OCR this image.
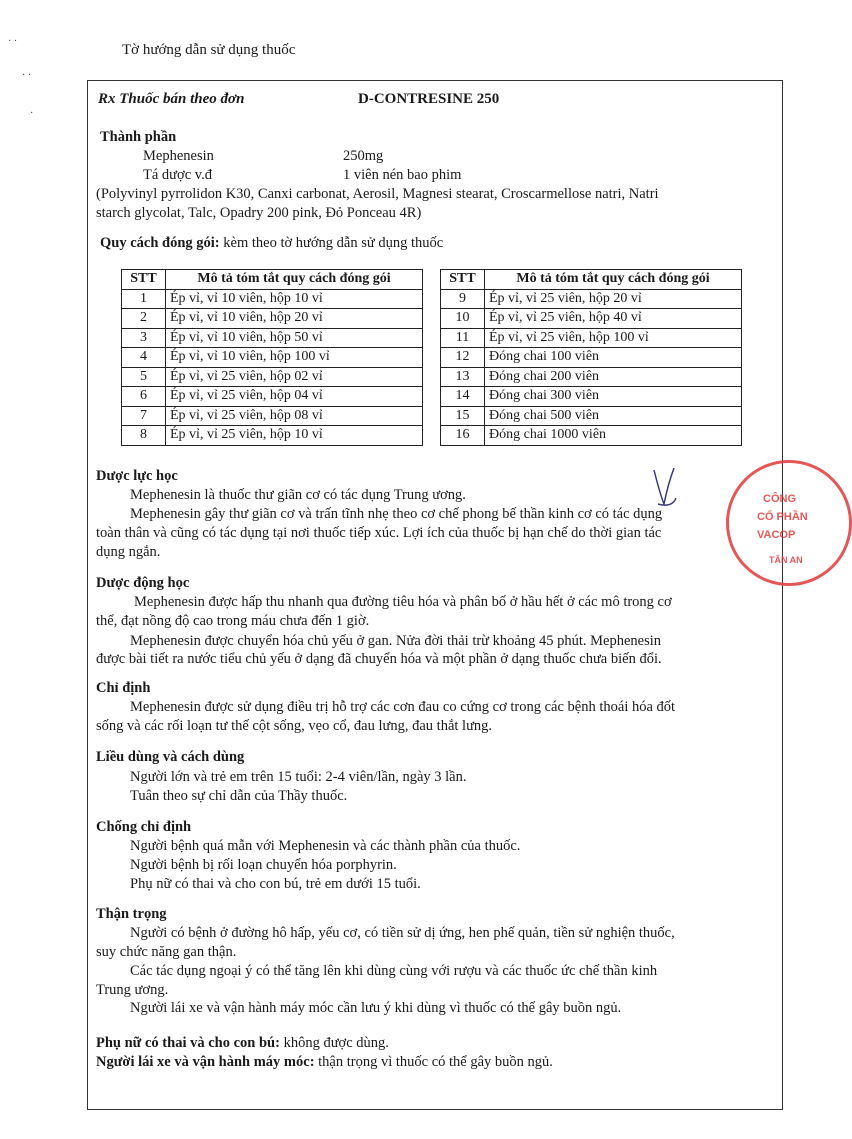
Tờ hướng dẫn sử dụng thuốc
· ·
· ·
·
Rx Thuốc bán theo đơn	D-CONTRESINE 250
Thành phần
Mephenesin	250mg
Tá dược v.đ	1 viên nén bao phim
(Polyvinyl pyrrolidon K30, Canxi carbonat, Aerosil, Magnesi stearat, Croscarmellose natri, Natri
starch glycolat, Talc, Opadry 200 pink, Đỏ Ponceau 4R)
Quy cách đóng gói: kèm theo tờ hướng dẫn sử dụng thuốc
STT	Mô tả tóm tắt quy cách đóng gói
1	Ép vỉ, vỉ 10 viên, hộp 10 vỉ
2	Ép vỉ, vỉ 10 viên, hộp 20 vỉ
3	Ép vỉ, vỉ 10 viên, hộp 50 vỉ
4	Ép vỉ, vỉ 10 viên, hộp 100 vỉ
5	Ép vỉ, vỉ 25 viên, hộp 02 vỉ
6	Ép vỉ, vỉ 25 viên, hộp 04 vỉ
7	Ép vỉ, vỉ 25 viên, hộp 08 vỉ
8	Ép vỉ, vỉ 25 viên, hộp 10 vỉ
STT	Mô tả tóm tắt quy cách đóng gói
9	Ép vỉ, vỉ 25 viên, hộp 20 vỉ
10	Ép vỉ, vỉ 25 viên, hộp 40 vỉ
11	Ép vỉ, vỉ 25 viên, hộp 100 vỉ
12	Đóng chai 100 viên
13	Đóng chai 200 viên
14	Đóng chai 300 viên
15	Đóng chai 500 viên
16	Đóng chai 1000 viên
Dược lực học
Mephenesin là thuốc thư giãn cơ có tác dụng Trung ương.
Mephenesin gây thư giãn cơ và trấn tĩnh nhẹ theo cơ chế phong bế thần kinh cơ có tác dụng
toàn thân và cũng có tác dụng tại nơi thuốc tiếp xúc. Lợi ích của thuốc bị hạn chế do thời gian tác
dụng ngắn.
Dược động học
Mephenesin được hấp thu nhanh qua đường tiêu hóa và phân bố ở hầu hết ở các mô trong cơ
thể, đạt nồng độ cao trong máu chưa đến 1 giờ.
Mephenesin được chuyển hóa chủ yếu ở gan. Nửa đời thải trừ khoảng 45 phút. Mephenesin
được bài tiết ra nước tiểu chủ yếu ở dạng đã chuyển hóa và một phần ở dạng thuốc chưa biến đổi.
Chỉ định
Mephenesin được sử dụng điều trị hỗ trợ các cơn đau co cứng cơ trong các bệnh thoái hóa đốt
sống và các rối loạn tư thế cột sống, vẹo cổ, đau lưng, đau thắt lưng.
Liều dùng và cách dùng
Người lớn và trẻ em trên 15 tuổi: 2-4 viên/lần, ngày 3 lần.
Tuân theo sự chỉ dẫn của Thầy thuốc.
Chống chỉ định
Người bệnh quá mẫn với Mephenesin và các thành phần của thuốc.
Người bệnh bị rối loạn chuyển hóa porphyrin.
Phụ nữ có thai và cho con bú, trẻ em dưới 15 tuổi.
Thận trọng
Người có bệnh ở đường hô hấp, yếu cơ, có tiền sử dị ứng, hen phế quản, tiền sử nghiện thuốc,
suy chức năng gan thận.
Các tác dụng ngoại ý có thể tăng lên khi dùng cùng với rượu và các thuốc ức chế thần kinh
Trung ương.
Người lái xe và vận hành máy móc cần lưu ý khi dùng vì thuốc có thể gây buồn ngủ.
Phụ nữ có thai và cho con bú: không được dùng.
Người lái xe và vận hành máy móc: thận trọng vì thuốc có thể gây buồn ngủ.
CÔNG
CỔ PHẦN
VACOP
TÂN AN
